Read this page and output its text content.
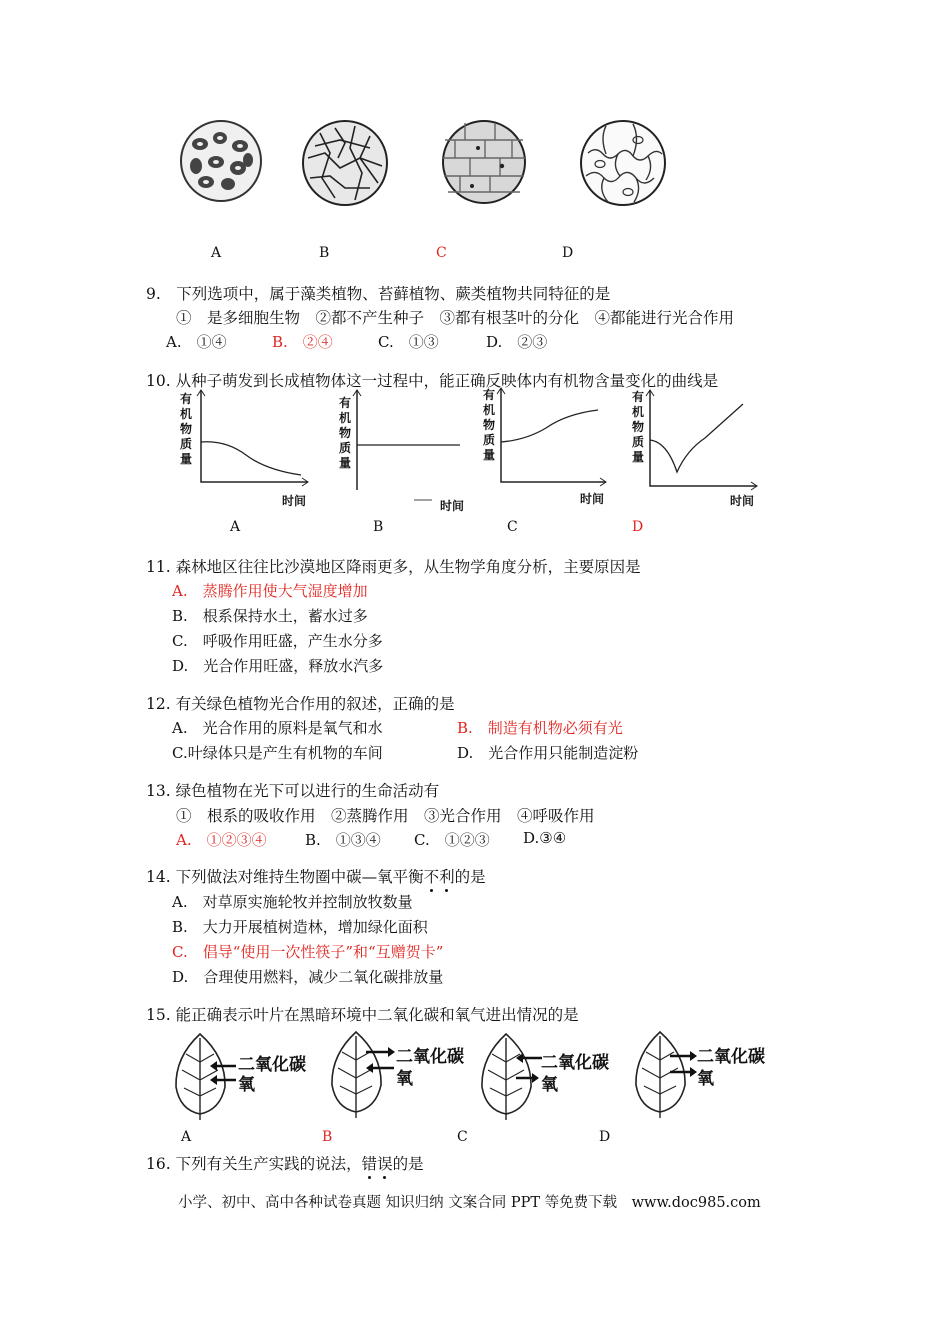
A	B	C	D
9.　下列选项中，属于藻类植物、苔藓植物、蕨类植物共同特征的是
①　是多细胞生物　②都不产生种子　③都有根茎叶的分化　④都能进行光合作用
A.　①④	B.　②④	C.　①③	D.　②③
10. 从种子萌发到长成植物体这一过程中，能正确反映体内有机物含量变化的曲线是
有
机
物
质
量
时间
A
有
机
物
质
量
时间
B
有
机
物
质
量
时间
C
有
机
物
质
量
时间
D
11. 森林地区往往比沙漠地区降雨更多，从生物学角度分析，主要原因是
A.　蒸腾作用使大气湿度增加
B.　根系保持水土，蓄水过多
C.　呼吸作用旺盛，产生水分多
D.　光合作用旺盛，释放水汽多
12. 有关绿色植物光合作用的叙述，正确的是
A.　光合作用的原料是氧气和水	B.　制造有机物必须有光
C.叶绿体只是产生有机物的车间	D.　光合作用只能制造淀粉
13. 绿色植物在光下可以进行的生命活动有
①　根系的吸收作用　②蒸腾作用　③光合作用　④呼吸作用
A.　①②③④	B.　①③④ C.　①②③ D.③④
14. 下列做法对维持生物圈中碳—氧平衡不利的是
A.　对草原实施轮牧并控制放牧数量
B.　大力开展植树造林，增加绿化面积
C.　倡导“使用一次性筷子”和“互赠贺卡”
D.　合理使用燃料，减少二氧化碳排放量
15. 能正确表示叶片在黑暗环境中二氧化碳和氧气进出情况的是
二氧化碳
氧
二氧化碳
氧
二氧化碳
氧
二氧化碳
氧
A	B	C	D
16. 下列有关生产实践的说法，错误的是
小学、初中、高中各种试卷真题 知识归纳 文案合同 PPT 等免费下载　www.doc985.com
